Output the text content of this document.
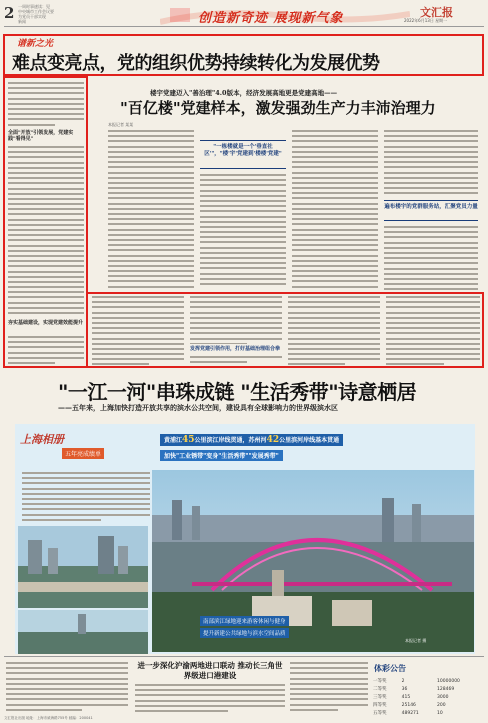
2 一周时事速读：见
中央城市工作会议要
为党员干部实现
新闻	创造新奇迹 展现新气象	文汇报
2022年6月13日 星期一
谱新之光
难点变亮点，党的组织优势持续转化为发展优势
全面"开放"引领发展，党建实践"看得见"
夯实基础建设，实现党建效能提升
楼宇党建迈入"善治理"4.0版本，经济发展高地更是党建高地——
"百亿楼"党建样本，激发强劲生产力丰沛治理力
本报记者 某某
"一栋楼就是一个'垂直社区'"，"楼'宇'党建到'楼楼'党建"
遍布楼宇的党群服务站，汇聚党员力量
发挥党建引领作用，打好基础治理组合拳
"一江一河"串珠成链 "生活秀带"诗意栖居
——五年来，上海加快打造开放共享的滨水公共空间，建设具有全球影响力的世界级滨水区
上海相册
五年亮成绩单
黄浦江45公里滨江岸线贯通，苏州河42公里滨河岸线基本贯通
加快"工业锈带"变身"生活秀带""发展秀带"
南部滨江绿地迎来游客休闲与健身
提升新建公共绿地与滨水空间品质
本报记者 摄
进一步深化沪渝两地进口联动 推动长三角世界级进口港建设
体彩公告
一等奖	2	10000000
二等奖	36	128469
三等奖	415	3000
四等奖	25146	200
五等奖	489271	10
文汇报社出版 地址：上海市威海路755号 邮编：200041
